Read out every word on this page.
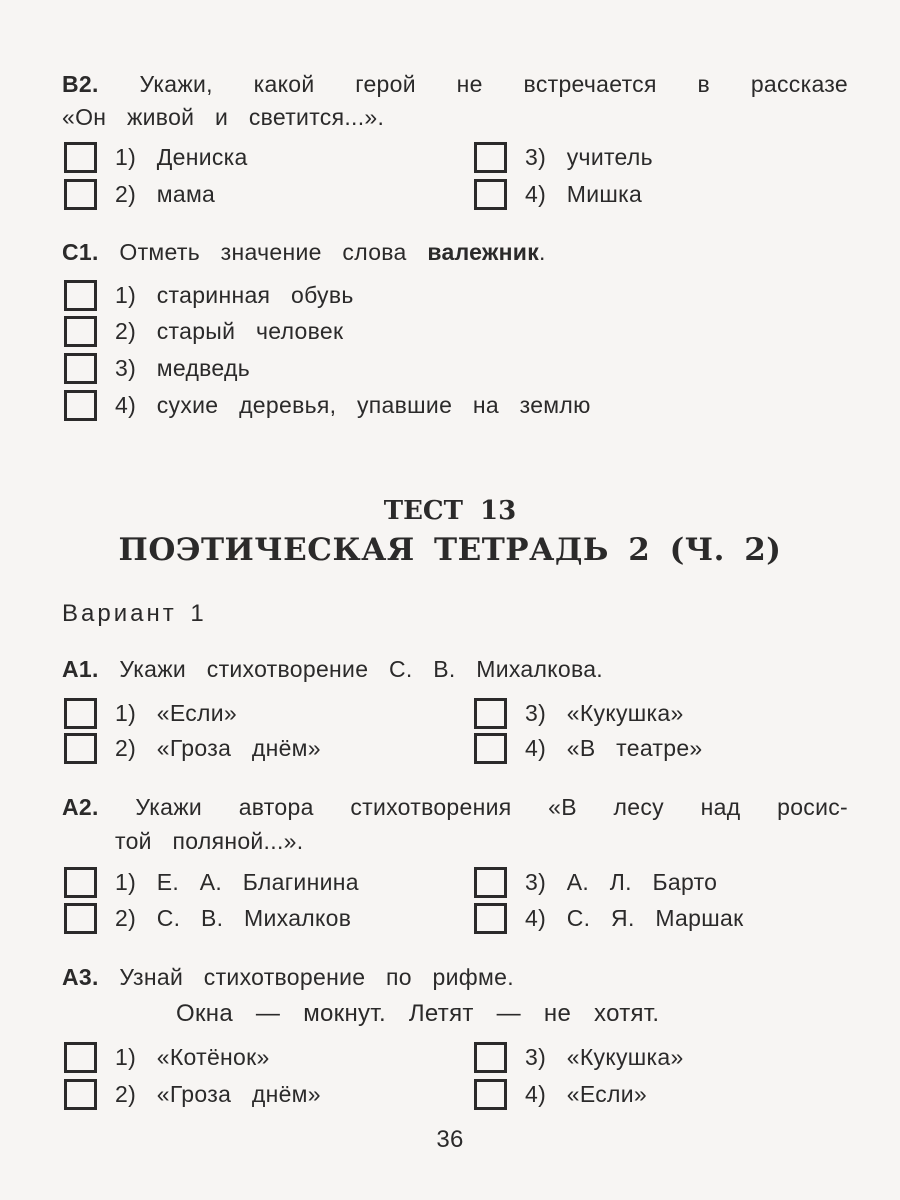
B2. Укажи, какой герой не встречается в рассказе
«Он живой и светится...».
1) Дениска
2) мама
3) учитель
4) Мишка
C1. Отметь значение слова валежник.
1) старинная обувь
2) старый человек
3) медведь
4) сухие деревья, упавшие на землю
ТЕСТ 13
ПОЭТИЧЕСКАЯ ТЕТРАДЬ 2 (Ч. 2)
Вариант 1
А1. Укажи стихотворение С. В. Михалкова.
1) «Если»
2) «Гроза днём»
3) «Кукушка»
4) «В театре»
А2. Укажи автора стихотворения «В лесу над росис-
той поляной...».
1) Е. А. Благинина
2) С. В. Михалков
3) А. Л. Барто
4) С. Я. Маршак
А3. Узнай стихотворение по рифме.
Окна — мокнут. Летят — не хотят.
1) «Котёнок»
2) «Гроза днём»
3) «Кукушка»
4) «Если»
36
